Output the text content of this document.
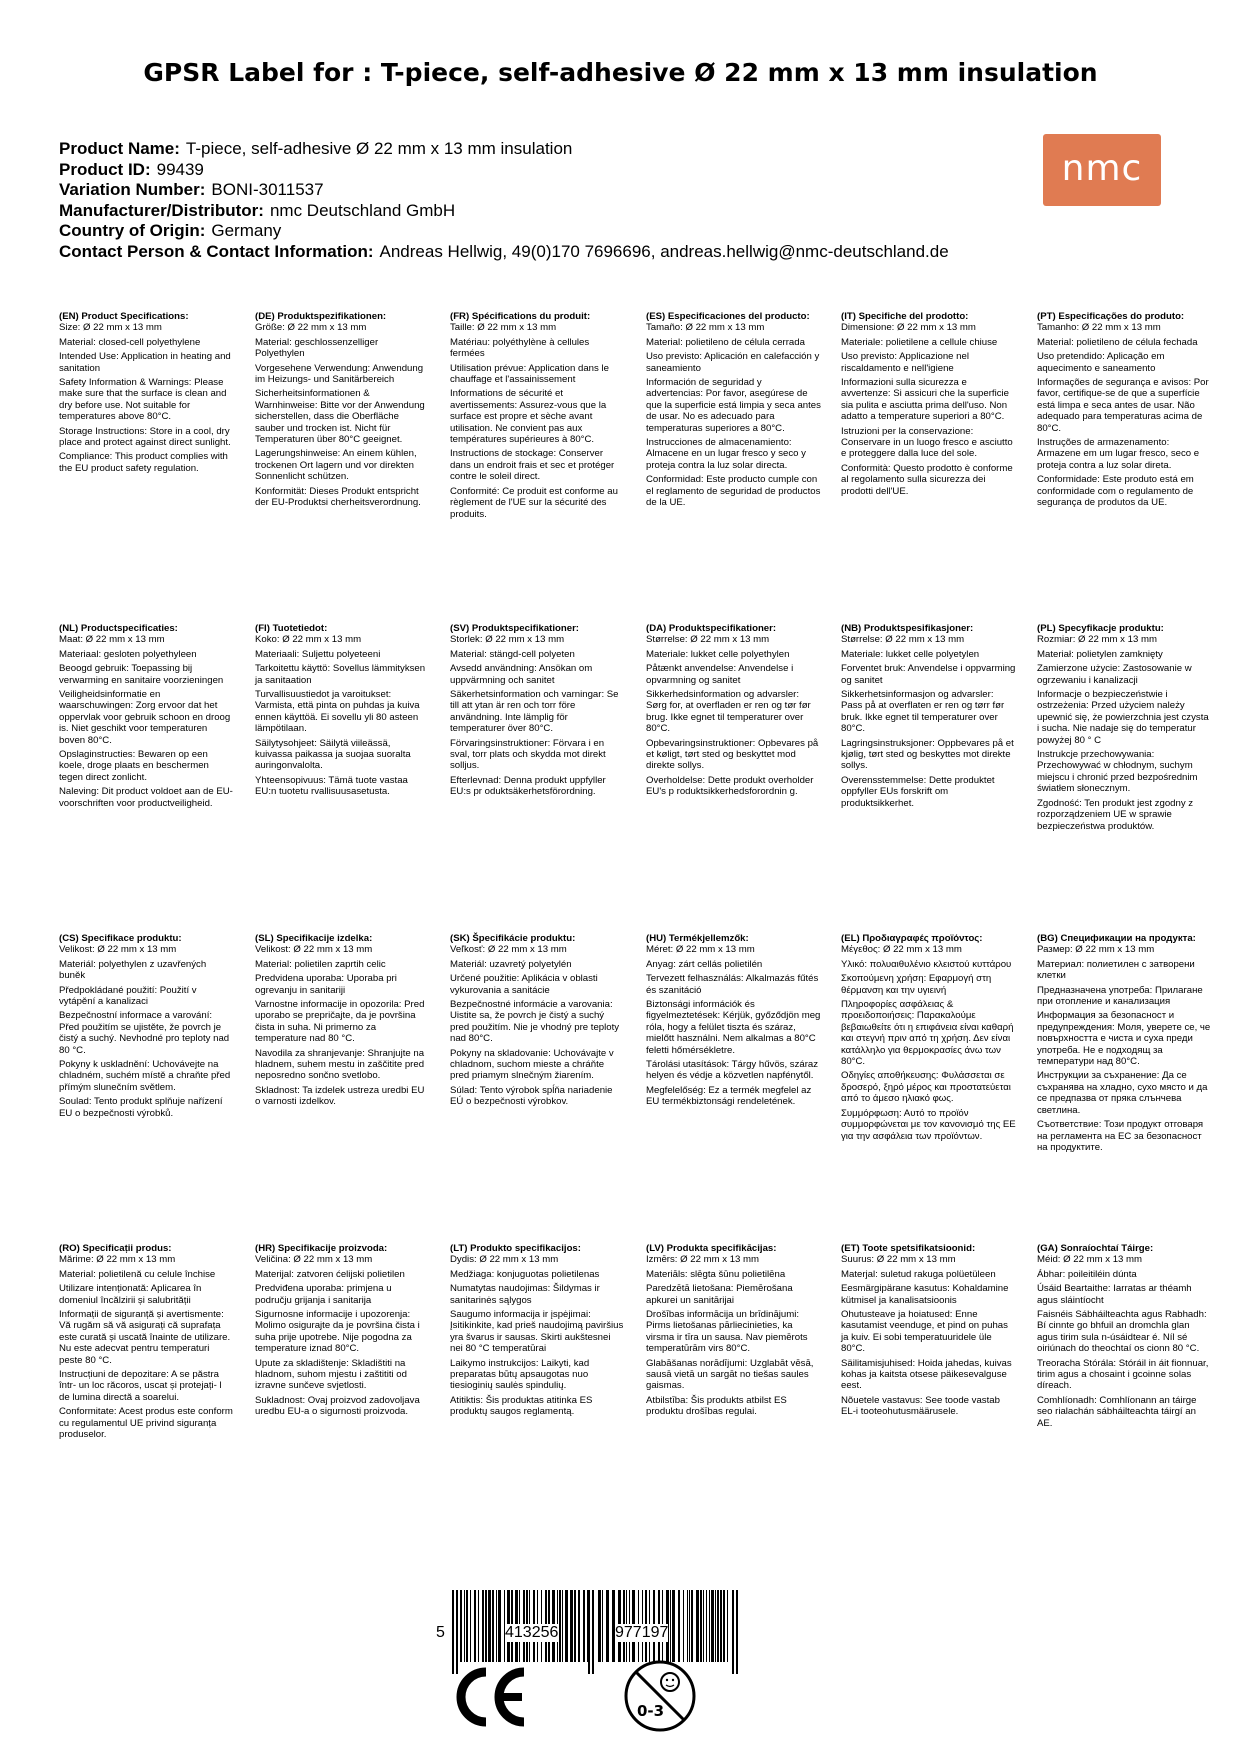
GPSR Label for : T-piece, self-adhesive Ø 22 mm x 13 mm insulation
Product Name: T-piece, self-adhesive Ø 22 mm x 13 mm insulation
Product ID: 99439
Variation Number: BONI-3011537
Manufacturer/Distributor: nmc Deutschland GmbH
Country of Origin: Germany
Contact Person & Contact Information: Andreas Hellwig, 49(0)170 7696696, andreas.hellwig@nmc-deutschland.de
nmc
(EN) Product Specifications:
Size: Ø 22 mm x 13 mm
Material: closed-cell polyethylene
Intended Use: Application in heating and sanitation
Safety Information & Warnings: Please make sure that the surface is clean and dry before use. Not suitable for temperatures above 80°C.
Storage Instructions: Store in a cool, dry place and protect against direct sunlight.
Compliance: This product complies with the EU product safety regulation.
(DE) Produktspezifikationen:
Größe: Ø 22 mm x 13 mm
Material: geschlossenzelliger Polyethylen
Vorgesehene Verwendung: Anwendung im Heizungs- und Sanitärbereich
Sicherheitsinformationen & Warnhinweise: Bitte vor der Anwendung sicherstellen, dass die Oberfläche sauber und trocken ist. Nicht für Temperaturen über 80°C geeignet.
Lagerungshinweise: An einem kühlen, trockenen Ort lagern und vor direkten Sonnenlicht schützen.
Konformität: Dieses Produkt entspricht der EU-Produktsi cherheitsverordnung.
(FR) Spécifications du produit:
Taille: Ø 22 mm x 13 mm
Matériau: polyéthylène à cellules fermées
Utilisation prévue: Application dans le chauffage et l'assainissement
Informations de sécurité et avertissements: Assurez-vous que la surface est propre et sèche avant utilisation. Ne convient pas aux températures supérieures à 80°C.
Instructions de stockage: Conserver dans un endroit frais et sec et protéger contre le soleil direct.
Conformité: Ce produit est conforme au règlement de l'UE sur la sécurité des produits.
(ES) Especificaciones del producto:
Tamaño: Ø 22 mm x 13 mm
Material: polietileno de célula cerrada
Uso previsto: Aplicación en calefacción y saneamiento
Información de seguridad y advertencias: Por favor, asegúrese de que la superficie está limpia y seca antes de usar. No es adecuado para temperaturas superiores a 80°C.
Instrucciones de almacenamiento: Almacene en un lugar fresco y seco y proteja contra la luz solar directa.
Conformidad: Este producto cumple con el reglamento de seguridad de productos de la UE.
(IT) Specifiche del prodotto:
Dimensione: Ø 22 mm x 13 mm
Materiale: polietilene a cellule chiuse
Uso previsto: Applicazione nel riscaldamento e nell'igiene
Informazioni sulla sicurezza e avvertenze: Si assicuri che la superficie sia pulita e asciutta prima dell'uso. Non adatto a temperature superiori a 80°C.
Istruzioni per la conservazione: Conservare in un luogo fresco e asciutto e proteggere dalla luce del sole.
Conformità: Questo prodotto è conforme al regolamento sulla sicurezza dei prodotti dell'UE.
(PT) Especificações do produto:
Tamanho: Ø 22 mm x 13 mm
Material: polietileno de célula fechada
Uso pretendido: Aplicação em aquecimento e saneamento
Informações de segurança e avisos: Por favor, certifique-se de que a superfície está limpa e seca antes de usar. Não adequado para temperaturas acima de 80°C.
Instruções de armazenamento: Armazene em um lugar fresco, seco e proteja contra a luz solar direta.
Conformidade: Este produto está em conformidade com o regulamento de segurança de produtos da UE.
(NL) Productspecificaties:
Maat: Ø 22 mm x 13 mm
Materiaal: gesloten polyethyleen
Beoogd gebruik: Toepassing bij verwarming en sanitaire voorzieningen
Veiligheidsinformatie en waarschuwingen: Zorg ervoor dat het oppervlak voor gebruik schoon en droog is. Niet geschikt voor temperaturen boven 80°C.
Opslaginstructies: Bewaren op een koele, droge plaats en beschermen tegen direct zonlicht.
Naleving: Dit product voldoet aan de EU-voorschriften voor productveiligheid.
(FI) Tuotetiedot:
Koko: Ø 22 mm x 13 mm
Materiaali: Suljettu polyeteeni
Tarkoitettu käyttö: Sovellus lämmityksen ja sanitaation
Turvallisuustiedot ja varoitukset: Varmista, että pinta on puhdas ja kuiva ennen käyttöä. Ei sovellu yli 80 asteen lämpötilaan.
Säilytysohjeet: Säilytä viileässä, kuivassa paikassa ja suojaa suoralta auringonvalolta.
Yhteensopivuus: Tämä tuote vastaa EU:n tuotetu rvallisuusasetusta.
(SV) Produktspecifikationer:
Storlek: Ø 22 mm x 13 mm
Material: stängd-cell polyeten
Avsedd användning: Ansökan om uppvärmning och sanitet
Säkerhetsinformation och varningar: Se till att ytan är ren och torr före användning. Inte lämplig för temperaturer över 80°C.
Förvaringsinstruktioner: Förvara i en sval, torr plats och skydda mot direkt solljus.
Efterlevnad: Denna produkt uppfyller EU:s pr oduktsäkerhetsförordning.
(DA) Produktspecifikationer:
Størrelse: Ø 22 mm x 13 mm
Materiale: lukket celle polyethylen
Påtænkt anvendelse: Anvendelse i opvarmning og sanitet
Sikkerhedsinformation og advarsler: Sørg for, at overfladen er ren og tør før brug. Ikke egnet til temperaturer over 80°C.
Opbevaringsinstruktioner: Opbevares på et køligt, tørt sted og beskyttet mod direkte sollys.
Overholdelse: Dette produkt overholder EU's p roduktsikkerhedsforordnin g.
(NB) Produktspesifikasjoner:
Størrelse: Ø 22 mm x 13 mm
Materiale: lukket celle polyetylen
Forventet bruk: Anvendelse i oppvarming og sanitet
Sikkerhetsinformasjon og advarsler: Pass på at overflaten er ren og tørr før bruk. Ikke egnet til temperaturer over 80°C.
Lagringsinstruksjoner: Oppbevares på et kjølig, tørt sted og beskyttes mot direkte sollys.
Overensstemmelse: Dette produktet oppfyller EUs forskrift om produktsikkerhet.
(PL) Specyfikacje produktu:
Rozmiar: Ø 22 mm x 13 mm
Materiał: polietylen zamknięty
Zamierzone użycie: Zastosowanie w ogrzewaniu i kanalizacji
Informacje o bezpieczeństwie i ostrzeżenia: Przed użyciem należy upewnić się, że powierzchnia jest czysta i sucha. Nie nadaje się do temperatur powyżej 80 ° C
Instrukcje przechowywania: Przechowywać w chłodnym, suchym miejscu i chronić przed bezpośrednim światłem słonecznym.
Zgodność: Ten produkt jest zgodny z rozporządzeniem UE w sprawie bezpieczeństwa produktów.
(CS) Specifikace produktu:
Velikost: Ø 22 mm x 13 mm
Materiál: polyethylen z uzavřených buněk
Předpokládané použití: Použití v vytápění a kanalizaci
Bezpečnostní informace a varování: Před použitím se ujistěte, že povrch je čistý a suchý. Nevhodné pro teploty nad 80 °C.
Pokyny k uskladnění: Uchovávejte na chladném, suchém místě a chraňte před přímým slunečním světlem.
Soulad: Tento produkt splňuje nařízení EU o bezpečnosti výrobků.
(SL) Specifikacije izdelka:
Velikost: Ø 22 mm x 13 mm
Material: polietilen zaprtih celic
Predvidena uporaba: Uporaba pri ogrevanju in sanitariji
Varnostne informacije in opozorila: Pred uporabo se prepričajte, da je površina čista in suha. Ni primerno za temperature nad 80 °C.
Navodila za shranjevanje: Shranjujte na hladnem, suhem mestu in zaščitite pred neposredno sončno svetlobo.
Skladnost: Ta izdelek ustreza uredbi EU o varnosti izdelkov.
(SK) Špecifikácie produktu:
Veľkosť: Ø 22 mm x 13 mm
Materiál: uzavretý polyetylén
Určené použitie: Aplikácia v oblasti vykurovania a sanitácie
Bezpečnostné informácie a varovania: Uistite sa, že povrch je čistý a suchý pred použitím. Nie je vhodný pre teploty nad 80°C.
Pokyny na skladovanie: Uchovávajte v chladnom, suchom mieste a chráňte pred priamym slnečným žiarením.
Súlad: Tento výrobok spĺňa nariadenie EÚ o bezpečnosti výrobkov.
(HU) Termékjellemzők:
Méret: Ø 22 mm x 13 mm
Anyag: zárt cellás polietilén
Tervezett felhasználás: Alkalmazás fűtés és szanitáció
Biztonsági információk és figyelmeztetések: Kérjük, győződjön meg róla, hogy a felület tiszta és száraz, mielőtt használni. Nem alkalmas a 80°C feletti hőmérsékletre.
Tárolási utasítások: Tárgy hűvös, száraz helyen és védje a közvetlen napfénytől.
Megfelelőség: Ez a termék megfelel az EU termékbiztonsági rendeletének.
(EL) Προδιαγραφές προϊόντος:
Μέγεθος: Ø 22 mm x 13 mm
Υλικό: πολυαιθυλένιο κλειστού κυττάρου
Σκοπούμενη χρήση: Εφαρμογή στη θέρμανση και την υγιεινή
Πληροφορίες ασφάλειας & προειδοποιήσεις: Παρακαλούμε βεβαιωθείτε ότι η επιφάνεια είναι καθαρή και στεγνή πριν από τη χρήση. Δεν είναι κατάλληλο για θερμοκρασίες άνω των 80°C.
Οδηγίες αποθήκευσης: Φυλάσσεται σε δροσερό, ξηρό μέρος και προστατεύεται από το άμεσο ηλιακό φως.
Συμμόρφωση: Αυτό το προϊόν συμμορφώνεται με τον κανονισμό της ΕΕ για την ασφάλεια των προϊόντων.
(BG) Спецификации на продукта:
Размер: Ø 22 mm x 13 mm
Материал: полиетилен с затворени клетки
Предназначена употреба: Прилагане при отопление и канализация
Информация за безопасност и предупреждения: Моля, уверете се, че повърхността е чиста и суха преди употреба. Не е подходящ за температури над 80°C.
Инструкции за съхранение: Да се съхранява на хладно, сухо място и да се предпазва от пряка слънчева светлина.
Съответствие: Този продукт отговаря на регламента на ЕС за безопасност на продуктите.
(RO) Specificații produs:
Mărime: Ø 22 mm x 13 mm
Material: polietilenă cu celule închise
Utilizare intenționată: Aplicarea în domeniul încălzirii și salubrității
Informații de siguranță și avertismente: Vă rugăm să vă asigurați că suprafața este curată și uscată înainte de utilizare. Nu este adecvat pentru temperaturi peste 80 °C.
Instrucțiuni de depozitare: A se păstra într- un loc răcoros, uscat și protejați- l de lumina directă a soarelui.
Conformitate: Acest produs este conform cu regulamentul UE privind siguranța produselor.
(HR) Specifikacije proizvoda:
Veličina: Ø 22 mm x 13 mm
Materijal: zatvoren ćelijski polietilen
Predviđena uporaba: primjena u području grijanja i sanitarija
Sigurnosne informacije i upozorenja: Molimo osigurajte da je površina čista i suha prije upotrebe. Nije pogodna za temperature iznad 80°C.
Upute za skladištenje: Skladištiti na hladnom, suhom mjestu i zaštititi od izravne sunčeve svjetlosti.
Sukladnost: Ovaj proizvod zadovoljava uredbu EU-a o sigurnosti proizvoda.
(LT) Produkto specifikacijos:
Dydis: Ø 22 mm x 13 mm
Medžiaga: konjuguotas polietilenas
Numatytas naudojimas: Šildymas ir sanitarinės sąlygos
Saugumo informacija ir įspėjimai: Įsitikinkite, kad prieš naudojimą paviršius yra švarus ir sausas. Skirti aukštesnei nei 80 °C temperatūrai
Laikymo instrukcijos: Laikyti, kad preparatas būtų apsaugotas nuo tiesioginių saulės spindulių.
Atitiktis: Šis produktas atitinka ES produktų saugos reglamentą.
(LV) Produkta specifikācijas:
Izmērs: Ø 22 mm x 13 mm
Materiāls: slēgta šūnu polietilēna
Paredzētā lietošana: Piemērošana apkurei un sanitārijai
Drošības informācija un brīdinājumi: Pirms lietošanas pārliecinieties, ka virsma ir tīra un sausa. Nav piemērots temperatūrām virs 80°C.
Glabāšanas norādījumi: Uzglabāt vēsā, sausā vietā un sargāt no tiešas saules gaismas.
Atbilstība: Šis produkts atbilst ES produktu drošības regulai.
(ET) Toote spetsifikatsioonid:
Suurus: Ø 22 mm x 13 mm
Materjal: suletud rakuga polüetüleen
Eesmärgipärane kasutus: Kohaldamine kütmisel ja kanalisatsioonis
Ohutusteave ja hoiatused: Enne kasutamist veenduge, et pind on puhas ja kuiv. Ei sobi temperatuuridele üle 80°C.
Säilitamisjuhised: Hoida jahedas, kuivas kohas ja kaitsta otsese päikesevalguse eest.
Nõuetele vastavus: See toode vastab EL-i tooteohutusmäärusele.
(GA) Sonraíochtaí Táirge:
Méid: Ø 22 mm x 13 mm
Ábhar: poileitiléin dúnta
Úsáid Beartaithe: Iarratas ar théamh agus sláintíocht
Faisnéis Sábháilteachta agus Rabhadh: Bí cinnte go bhfuil an dromchla glan agus tirim sula n-úsáidtear é. Níl sé oiriúnach do theochtaí os cionn 80 °C.
Treoracha Stórála: Stóráil in áit fionnuar, tirim agus a chosaint i gcoinne solas díreach.
Comhlíonadh: Comhlíonann an táirge seo rialachán sábháilteachta táirgí an AE.
5	413256	977197
0-3
